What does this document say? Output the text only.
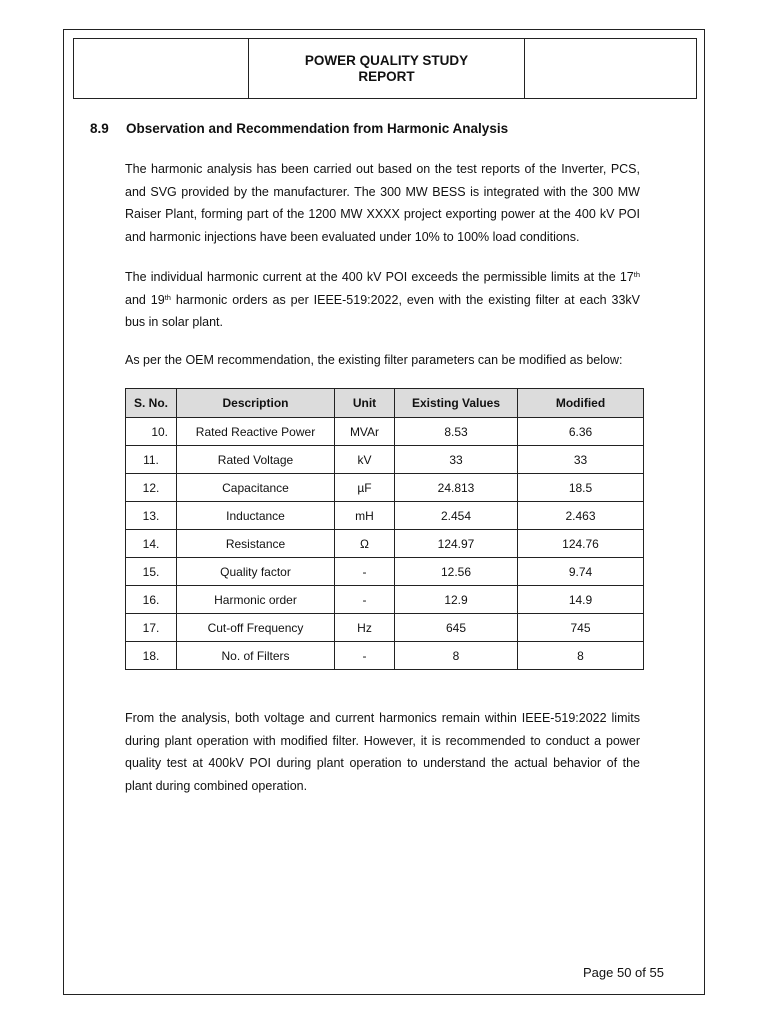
POWER QUALITY STUDY
REPORT

8.9 Observation and Recommendation from Harmonic Analysis

The harmonic analysis has been carried out based on the test reports of the Inverter, PCS, and SVG provided by the manufacturer. The 300 MW BESS is integrated with the 300 MW Raiser Plant, forming part of the 1200 MW XXXX project exporting power at the 400 kV POI and harmonic injections have been evaluated under 10% to 100% load conditions.

The individual harmonic current at the 400 kV POI exceeds the permissible limits at the 17th and 19th harmonic orders as per IEEE-519:2022, even with the existing filter at each 33kV bus in solar plant.

As per the OEM recommendation, the existing filter parameters can be modified as below:

S. No.	Description	Unit	Existing Values	Modified
10.	Rated Reactive Power	MVAr	8.53	6.36
11.	Rated Voltage	kV	33	33
12.	Capacitance	µF	24.813	18.5
13.	Inductance	mH	2.454	2.463
14.	Resistance	Ω	124.97	124.76
15.	Quality factor	-	12.56	9.74
16.	Harmonic order	-	12.9	14.9
17.	Cut-off Frequency	Hz	645	745
18.	No. of Filters	-	8	8

From the analysis, both voltage and current harmonics remain within IEEE-519:2022 limits during plant operation with modified filter. However, it is recommended to conduct a power quality test at 400kV POI during plant operation to understand the actual behavior of the plant during combined operation.

Page 50 of 55
